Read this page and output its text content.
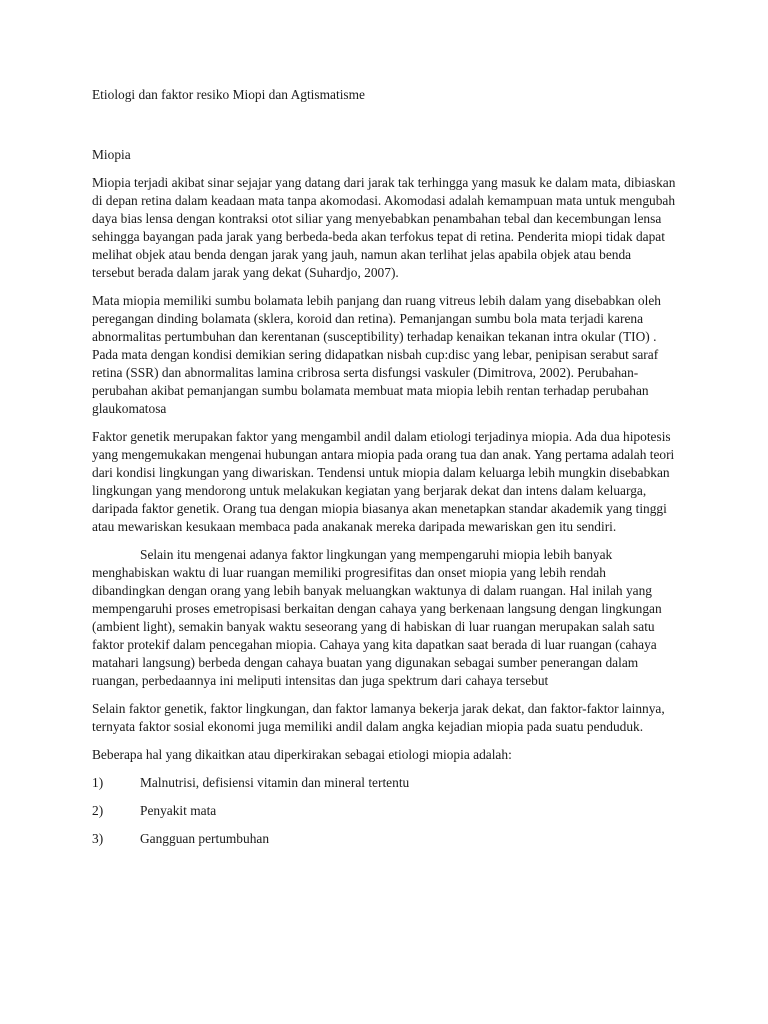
Etiologi dan faktor resiko Miopi dan Agtismatisme

Miopia

Miopia terjadi akibat sinar sejajar yang datang dari jarak tak terhingga yang masuk ke dalam mata, dibiaskan di depan retina dalam keadaan mata tanpa akomodasi. Akomodasi adalah kemampuan mata untuk mengubah daya bias lensa dengan kontraksi otot siliar yang menyebabkan penambahan tebal dan kecembungan lensa sehingga bayangan pada jarak yang berbeda-beda akan terfokus tepat di retina. Penderita miopi tidak dapat melihat objek atau benda dengan jarak yang jauh, namun akan terlihat jelas apabila objek atau benda tersebut berada dalam jarak yang dekat (Suhardjo, 2007).

Mata miopia memiliki sumbu bolamata lebih panjang dan ruang vitreus lebih dalam yang disebabkan oleh peregangan dinding bolamata (sklera, koroid dan retina). Pemanjangan sumbu bola mata terjadi karena abnormalitas pertumbuhan dan kerentanan (susceptibility) terhadap kenaikan tekanan intra okular (TIO) . Pada mata dengan kondisi demikian sering didapatkan nisbah cup:disc yang lebar, penipisan serabut saraf retina (SSR) dan abnormalitas lamina cribrosa serta disfungsi vaskuler (Dimitrova, 2002). Perubahan-perubahan akibat pemanjangan sumbu bolamata membuat mata miopia lebih rentan terhadap perubahan glaukomatosa

Faktor genetik merupakan faktor yang mengambil andil dalam etiologi terjadinya miopia. Ada dua hipotesis yang mengemukakan mengenai hubungan antara miopia pada orang tua dan anak. Yang pertama adalah teori dari kondisi lingkungan yang diwariskan. Tendensi untuk miopia dalam keluarga lebih mungkin disebabkan lingkungan yang mendorong untuk melakukan kegiatan yang berjarak dekat dan intens dalam keluarga, daripada faktor genetik. Orang tua dengan miopia biasanya akan menetapkan standar akademik yang tinggi atau mewariskan kesukaan membaca pada anakanak mereka daripada mewariskan gen itu sendiri.

Selain itu mengenai adanya faktor lingkungan yang mempengaruhi miopia lebih banyak menghabiskan waktu di luar ruangan memiliki progresifitas dan onset miopia yang lebih rendah dibandingkan dengan orang yang lebih banyak meluangkan waktunya di dalam ruangan. Hal inilah yang mempengaruhi proses emetropisasi berkaitan dengan cahaya yang berkenaan langsung dengan lingkungan (ambient light), semakin banyak waktu seseorang yang di habiskan di luar ruangan merupakan salah satu faktor protekif dalam pencegahan miopia. Cahaya yang kita dapatkan saat berada di luar ruangan (cahaya matahari langsung) berbeda dengan cahaya buatan yang digunakan sebagai sumber penerangan dalam ruangan, perbedaannya ini meliputi intensitas dan juga spektrum dari cahaya tersebut

Selain faktor genetik, faktor lingkungan, dan faktor lamanya bekerja jarak dekat, dan faktor-faktor lainnya, ternyata faktor sosial ekonomi juga memiliki andil dalam angka kejadian miopia pada suatu penduduk.

Beberapa hal yang dikaitkan atau diperkirakan sebagai etiologi miopia adalah:

1)	Malnutrisi, defisiensi vitamin dan mineral tertentu
2)	Penyakit mata
3)	Gangguan pertumbuhan
